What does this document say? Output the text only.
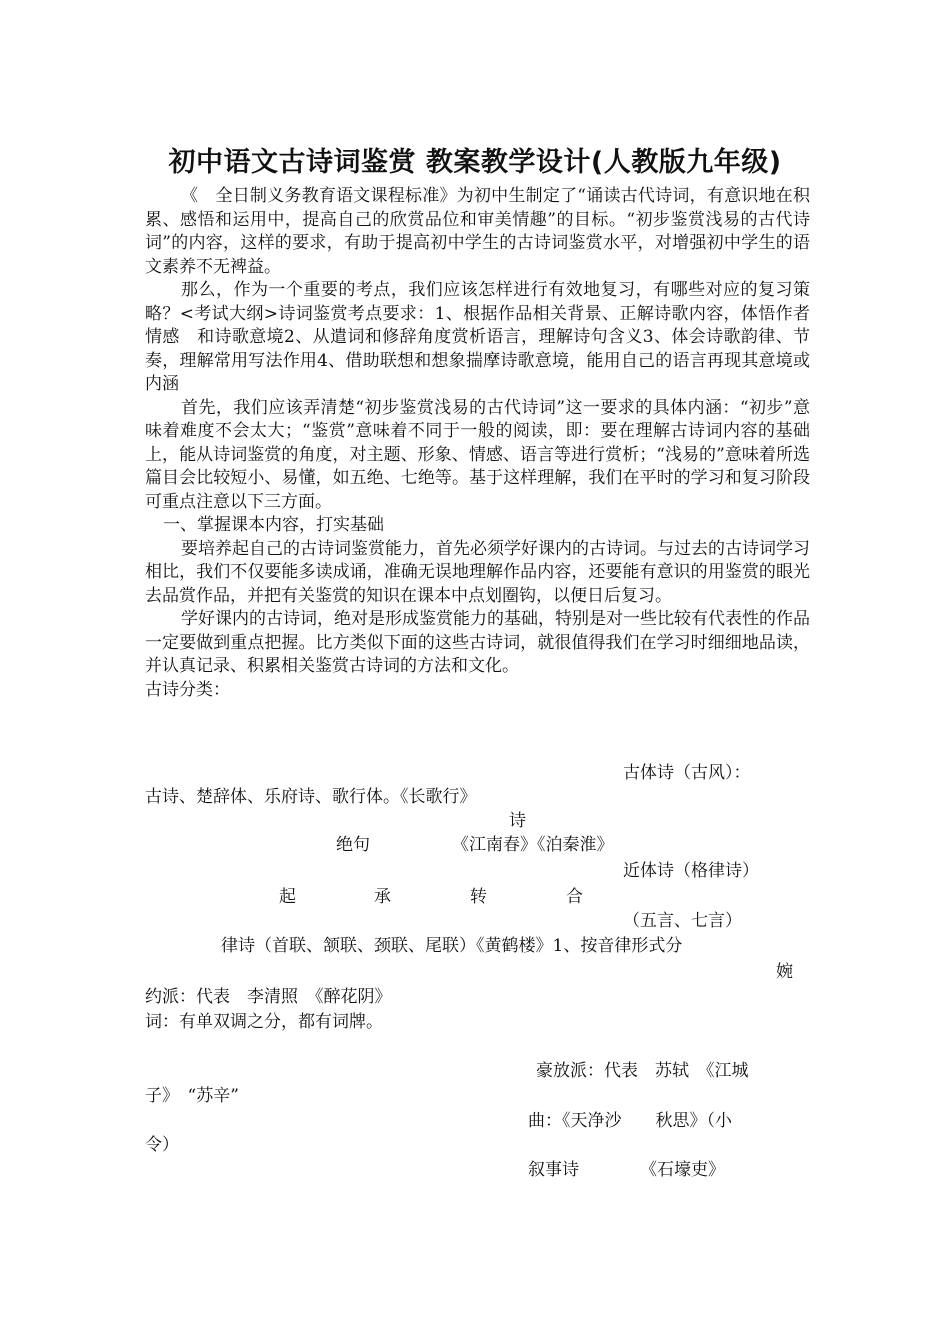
初中语文古诗词鉴赏 教案教学设计(人教版九年级)

《　全日制义务教育语文课程标准》为初中生制定了“诵读古代诗词，有意识地在积累、感悟和运用中，提高自己的欣赏品位和审美情趣”的目标。“初步鉴赏浅易的古代诗词”的内容，这样的要求，有助于提高初中学生的古诗词鉴赏水平，对增强初中学生的语文素养不无裨益。

那么，作为一个重要的考点，我们应该怎样进行有效地复习，有哪些对应的复习策略？<考试大纲>诗词鉴赏考点要求：1、根据作品相关背景、正解诗歌内容，体悟作者情感　和诗歌意境2、从遣词和修辞角度赏析语言，理解诗句含义3、体会诗歌韵律、节奏，理解常用写法作用4、借助联想和想象揣摩诗歌意境，能用自己的语言再现其意境或内涵

首先，我们应该弄清楚“初步鉴赏浅易的古代诗词”这一要求的具体内涵：“初步”意味着难度不会太大；“鉴赏”意味着不同于一般的阅读，即：要在理解古诗词内容的基础上，能从诗词鉴赏的角度，对主题、形象、情感、语言等进行赏析；“浅易的”意味着所选篇目会比较短小、易懂，如五绝、七绝等。基于这样理解，我们在平时的学习和复习阶段可重点注意以下三方面。

一、掌握课本内容，打实基础

要培养起自己的古诗词鉴赏能力，首先必须学好课内的古诗词。与过去的古诗词学习相比，我们不仅要能多读成诵，准确无误地理解作品内容，还要能有意识的用鉴赏的眼光去品赏作品，并把有关鉴赏的知识在课本中点划圈钩，以便日后复习。

学好课内的古诗词，绝对是形成鉴赏能力的基础，特别是对一些比较有代表性的作品一定要做到重点把握。比方类似下面的这些古诗词，就很值得我们在学习时细细地品读，并认真记录、积累相关鉴赏古诗词的方法和文化。

古诗分类：

古体诗（古风）：
古诗、楚辞体、乐府诗、歌行体。《长歌行》
诗
绝句	《江南春》《泊秦淮》
近体诗（格律诗）
起	承	转	合
（五言、七言）
律诗（首联、颔联、颈联、尾联）《黄鹤楼》1、按音律形式分
婉
约派：代表　李清照　《醉花阴》
词：有单双调之分，都有词牌。
豪放派：代表　苏轼　《江城
子》　“苏辛”
曲：《天净沙　　秋思》（小
令）
叙事诗	《石壕吏》
